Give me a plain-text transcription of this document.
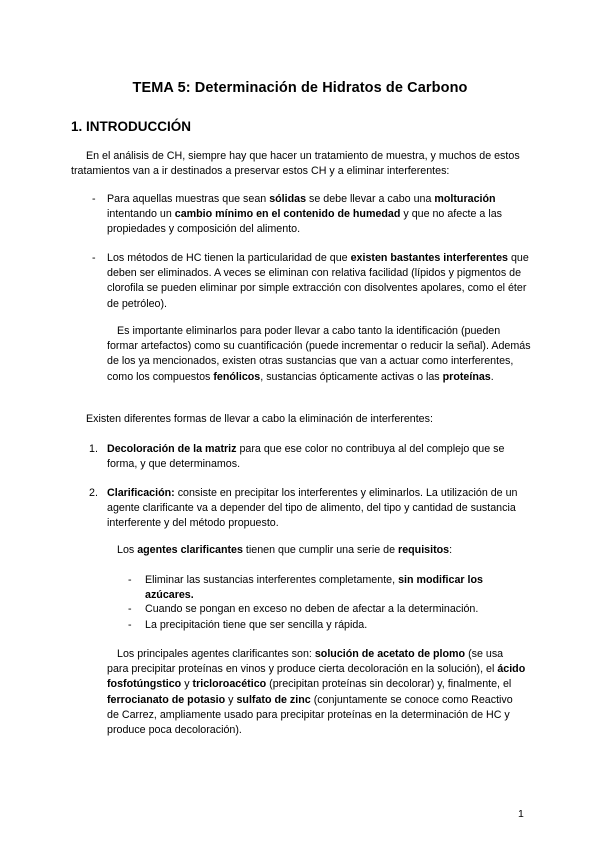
TEMA 5: Determinación de Hidratos de Carbono
1. INTRODUCCIÓN

En el análisis de CH, siempre hay que hacer un tratamiento de muestra, y muchos de estos tratamientos van a ir destinados a preservar estos CH y a eliminar interferentes:

- Para aquellas muestras que sean sólidas se debe llevar a cabo una molturación intentando un cambio mínimo en el contenido de humedad y que no afecte a las propiedades y composición del alimento.

- Los métodos de HC tienen la particularidad de que existen bastantes interferentes que deben ser eliminados. A veces se eliminan con relativa facilidad (lípidos y pigmentos de clorofila se pueden eliminar por simple extracción con disolventes apolares, como el éter de petróleo).

Es importante eliminarlos para poder llevar a cabo tanto la identificación (pueden formar artefactos) como su cuantificación (puede incrementar o reducir la señal). Además de los ya mencionados, existen otras sustancias que van a actuar como interferentes, como los compuestos fenólicos, sustancias ópticamente activas o las proteínas.

Existen diferentes formas de llevar a cabo la eliminación de interferentes:

1. Decoloración de la matriz para que ese color no contribuya al del complejo que se forma, y que determinamos.

2. Clarificación: consiste en precipitar los interferentes y eliminarlos. La utilización de un agente clarificante va a depender del tipo de alimento, del tipo y cantidad de sustancia interferente y del método propuesto.

Los agentes clarificantes tienen que cumplir una serie de requisitos:

- Eliminar las sustancias interferentes completamente, sin modificar los azúcares.

- Cuando se pongan en exceso no deben de afectar a la determinación.

- La precipitación tiene que ser sencilla y rápida.

Los principales agentes clarificantes son: solución de acetato de plomo (se usa para precipitar proteínas en vinos y produce cierta decoloración en la solución), el ácido fosfotúngstico y tricloroacético (precipitan proteínas sin decolorar) y, finalmente, el ferrocianato de potasio y sulfato de zinc (conjuntamente se conoce como Reactivo de Carrez, ampliamente usado para precipitar proteínas en la determinación de HC y produce poca decoloración).

1
